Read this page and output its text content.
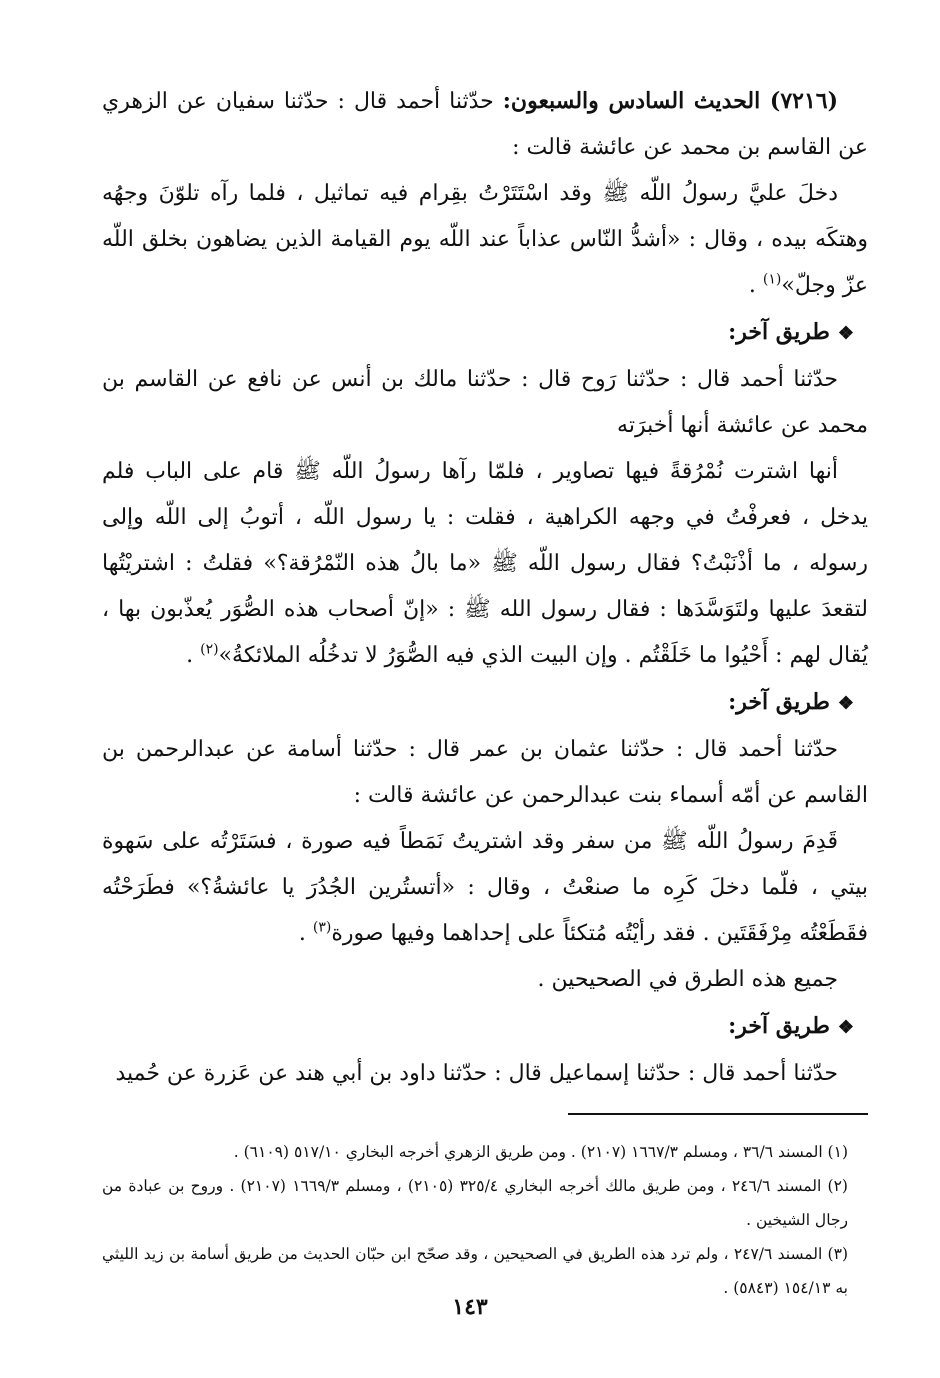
(٧٢١٦) الحديث السادس والسبعون: حدّثنا أحمد قال : حدّثنا سفيان عن الزهري عن القاسم بن محمد عن عائشة قالت :

دخلَ عليَّ رسولُ اللّه ﷺ وقد اسْتَتَرْتُ بقِرام فيه تماثيل ، فلما رآه تلوّنَ وجهُه وهتكَه بيده ، وقال : «أشدُّ النّاس عذاباً عند اللّه يوم القيامة الذين يضاهون بخلق اللّه عزّ وجلّ»$^{(١)}$ .

❖طريق آخر:

حدّثنا أحمد قال : حدّثنا رَوح قال : حدّثنا مالك بن أنس عن نافع عن القاسم بن محمد عن عائشة أنها أخبرَته

أنها اشترت نُمْرُقةً فيها تصاوير ، فلمّا رآها رسولُ اللّه ﷺ قام على الباب فلم يدخل ، فعرفْتُ في وجهه الكراهية ، فقلت : يا رسول اللّه ، أتوبُ إلى اللّه وإلى رسوله ، ما أذْنَبْتُ؟ فقال رسول اللّه ﷺ «ما بالُ هذه النّمْرُقة؟» فقلتُ : اشتريْتُها لتقعدَ عليها ولتَوَسَّدَها : فقال رسول الله ﷺ : «إنّ أصحاب هذه الصُّوَر يُعذّبون بها ، يُقال لهم : أَحْيُوا ما خَلَقْتُم . وإن البيت الذي فيه الصُّوَرُ لا تدخُلُه الملائكةُ»$^{(٢)}$ .

❖طريق آخر:

حدّثنا أحمد قال : حدّثنا عثمان بن عمر قال : حدّثنا أسامة عن عبدالرحمن بن القاسم عن أمّه أسماء بنت عبدالرحمن عن عائشة قالت :

قَدِمَ رسولُ اللّه ﷺ من سفر وقد اشتريتُ نَمَطاً فيه صورة ، فسَتَرْتُه على سَهوة بيتي ، فلّما دخلَ كَرِه ما صنعْتُ ، وقال : «أتستُرين الجُدُرَ يا عائشةُ؟» فطَرَحْتُه فقَطَعْتُه مِرْفَقَتَين . فقد رأيْتُه مُتكئاً على إحداهما وفيها صورة$^{(٣)}$ .

جميع هذه الطرق في الصحيحين .

❖طريق آخر:

حدّثنا أحمد قال : حدّثنا إسماعيل قال : حدّثنا داود بن أبي هند عن عَزرة عن حُميد

(١) المسند ٣٦/٦ ، ومسلم ١٦٦٧/٣ (٢١٠٧) . ومن طريق الزهري أخرجه البخاري ٥١٧/١٠ (٦١٠٩) .

(٢) المسند ٢٤٦/٦ ، ومن طريق مالك أخرجه البخاري ٣٢٥/٤ (٢١٠٥) ، ومسلم ١٦٦٩/٣ (٢١٠٧) . وروح بن عبادة من رجال الشيخين .

(٣) المسند ٢٤٧/٦ ، ولم ترد هذه الطريق في الصحيحين ، وقد صحّح ابن حبّان الحديث من طريق أسامة بن زيد الليثي به ١٥٤/١٣ (٥٨٤٣) .

١٤٣
